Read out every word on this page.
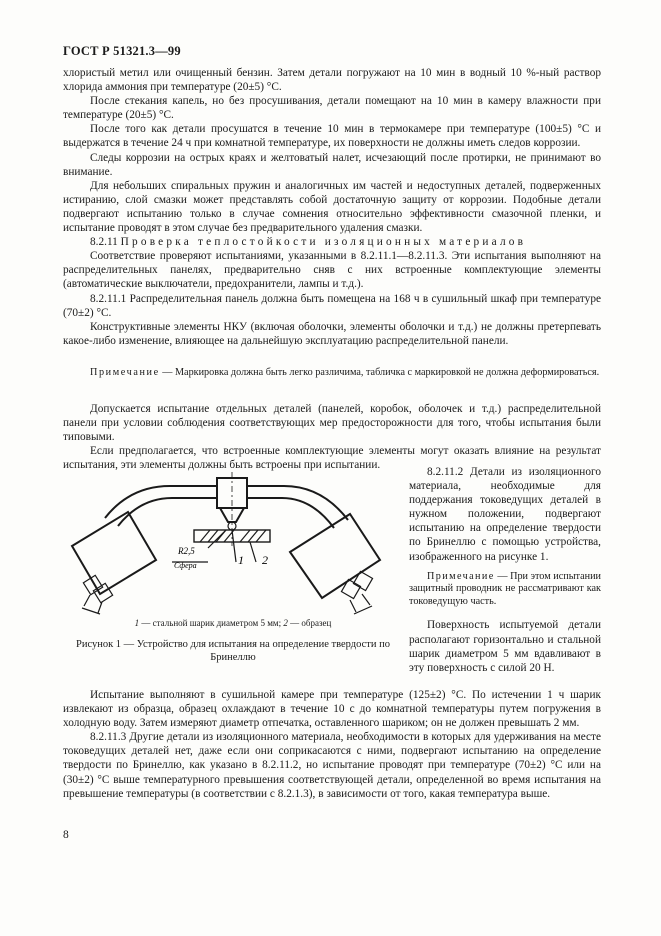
ГОСТ Р 51321.3—99

хлористый метил или очищенный бензин. Затем детали погружают на 10 мин в водный 10 %-ный раствор хлорида аммония при температуре (20±5) °С.

После стекания капель, но без просушивания, детали помещают на 10 мин в камеру влажности при температуре (20±5) °С.

После того как детали просушатся в течение 10 мин в термокамере при температуре (100±5) °С и выдержатся в течение 24 ч при комнатной температуре, их поверхности не должны иметь следов коррозии.

Следы коррозии на острых краях и желтоватый налет, исчезающий после протирки, не принимают во внимание.

Для небольших спиральных пружин и аналогичных им частей и недоступных деталей, подверженных истиранию, слой смазки может представлять собой достаточную защиту от коррозии. Подобные детали подвергают испытанию только в случае сомнения относительно эффективности смазочной пленки, и испытание проводят в этом случае без предварительного удаления смазки.

8.2.11 Проверка теплостойкости изоляционных материалов

Соответствие проверяют испытаниями, указанными в 8.2.11.1—8.2.11.3. Эти испытания выполняют на распределительных панелях, предварительно сняв с них встроенные комплектующие элементы (автоматические выключатели, предохранители, лампы и т.д.).

8.2.11.1 Распределительная панель должна быть помещена на 168 ч в сушильный шкаф при температуре (70±2) °С.

Конструктивные элементы НКУ (включая оболочки, элементы оболочки и т.д.) не должны претерпевать какое-либо изменение, влияющее на дальнейшую эксплуатацию распределительной панели.

Примечание — Маркировка должна быть легко различима, табличка с маркировкой не должна деформироваться.

Допускается испытание отдельных деталей (панелей, коробок, оболочек и т.д.) распределительной панели при условии соблюдения соответствующих мер предосторожности для того, чтобы испытания были типовыми.

Если предполагается, что встроенные комплектующие элементы могут оказать влияние на результат испытания, эти элементы должны быть встроены при испытании.

R2,5
Сфера	1 2

8.2.11.2 Детали из изоляционного материала, необходимые для поддержания токоведущих деталей в нужном положении, подвергают испытанию на определение твердости по Бринеллю с помощью устройства, изображенного на рисунке 1.

Примечание — При этом испытании защитный проводник не рассматривают как токоведущую часть.

Поверхность испытуемой детали располагают горизонтально и стальной шарик диаметром 5 мм вдавливают в эту поверхность с силой 20 Н.

1 — стальной шарик диаметром 5 мм; 2 — образец
Рисунок 1 — Устройство для испытания на определение твердости по Бринеллю

Испытание выполняют в сушильной камере при температуре (125±2) °С. По истечении 1 ч шарик извлекают из образца, образец охлаждают в течение 10 с до комнатной температуры путем погружения в холодную воду. Затем измеряют диаметр отпечатка, оставленного шариком; он не должен превышать 2 мм.

8.2.11.3 Другие детали из изоляционного материала, необходимости в которых для удерживания на месте токоведущих деталей нет, даже если они соприкасаются с ними, подвергают испытанию на определение твердости по Бринеллю, как указано в 8.2.11.2, но испытание проводят при температуре (70±2) °С или на (30±2) °С выше температурного превышения соответствующей детали, определенной во время испытания на превышение температуры (в соответствии с 8.2.1.3), в зависимости от того, какая температура выше.

8
